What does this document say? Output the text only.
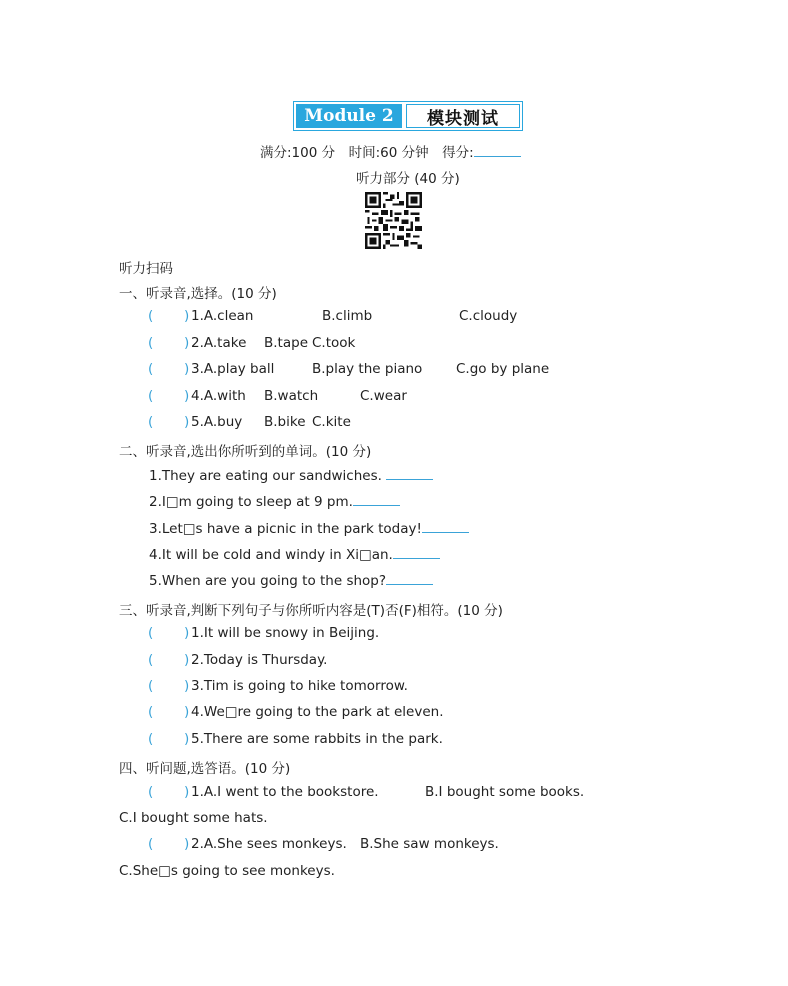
Module 2	模块测试
满分:100 分　时间:60 分钟　得分:
听力部分 (40 分)
听力扫码
一、听录音,选择。(10 分)
( ) 1.A.clean	B.climb	C.cloudy
( ) 2.A.take B.tape C.took
( ) 3.A.play ball	B.play the piano C.go by plane
( ) 4.A.with B.watch	C.wear
( ) 5.A.buy B.bike C.kite
二、听录音,选出你所听到的单词。(10 分)
1.They are eating our sandwiches.
2.I□m going to sleep at 9 pm.
3.Let□s have a picnic in the park today!
4.It will be cold and windy in Xi□an.
5.When are you going to the shop?
三、听录音,判断下列句子与你所听内容是(T)否(F)相符。(10 分)
( ) 1.It will be snowy in Beijing.
( ) 2.Today is Thursday.
( ) 3.Tim is going to hike tomorrow.
( ) 4.We□re going to the park at eleven.
( ) 5.There are some rabbits in the park.
四、听问题,选答语。(10 分)
( ) 1.A.I went to the bookstore.	B.I bought some books.
C.I bought some hats.
( ) 2.A.She sees monkeys. B.She saw monkeys.
C.She□s going to see monkeys.
